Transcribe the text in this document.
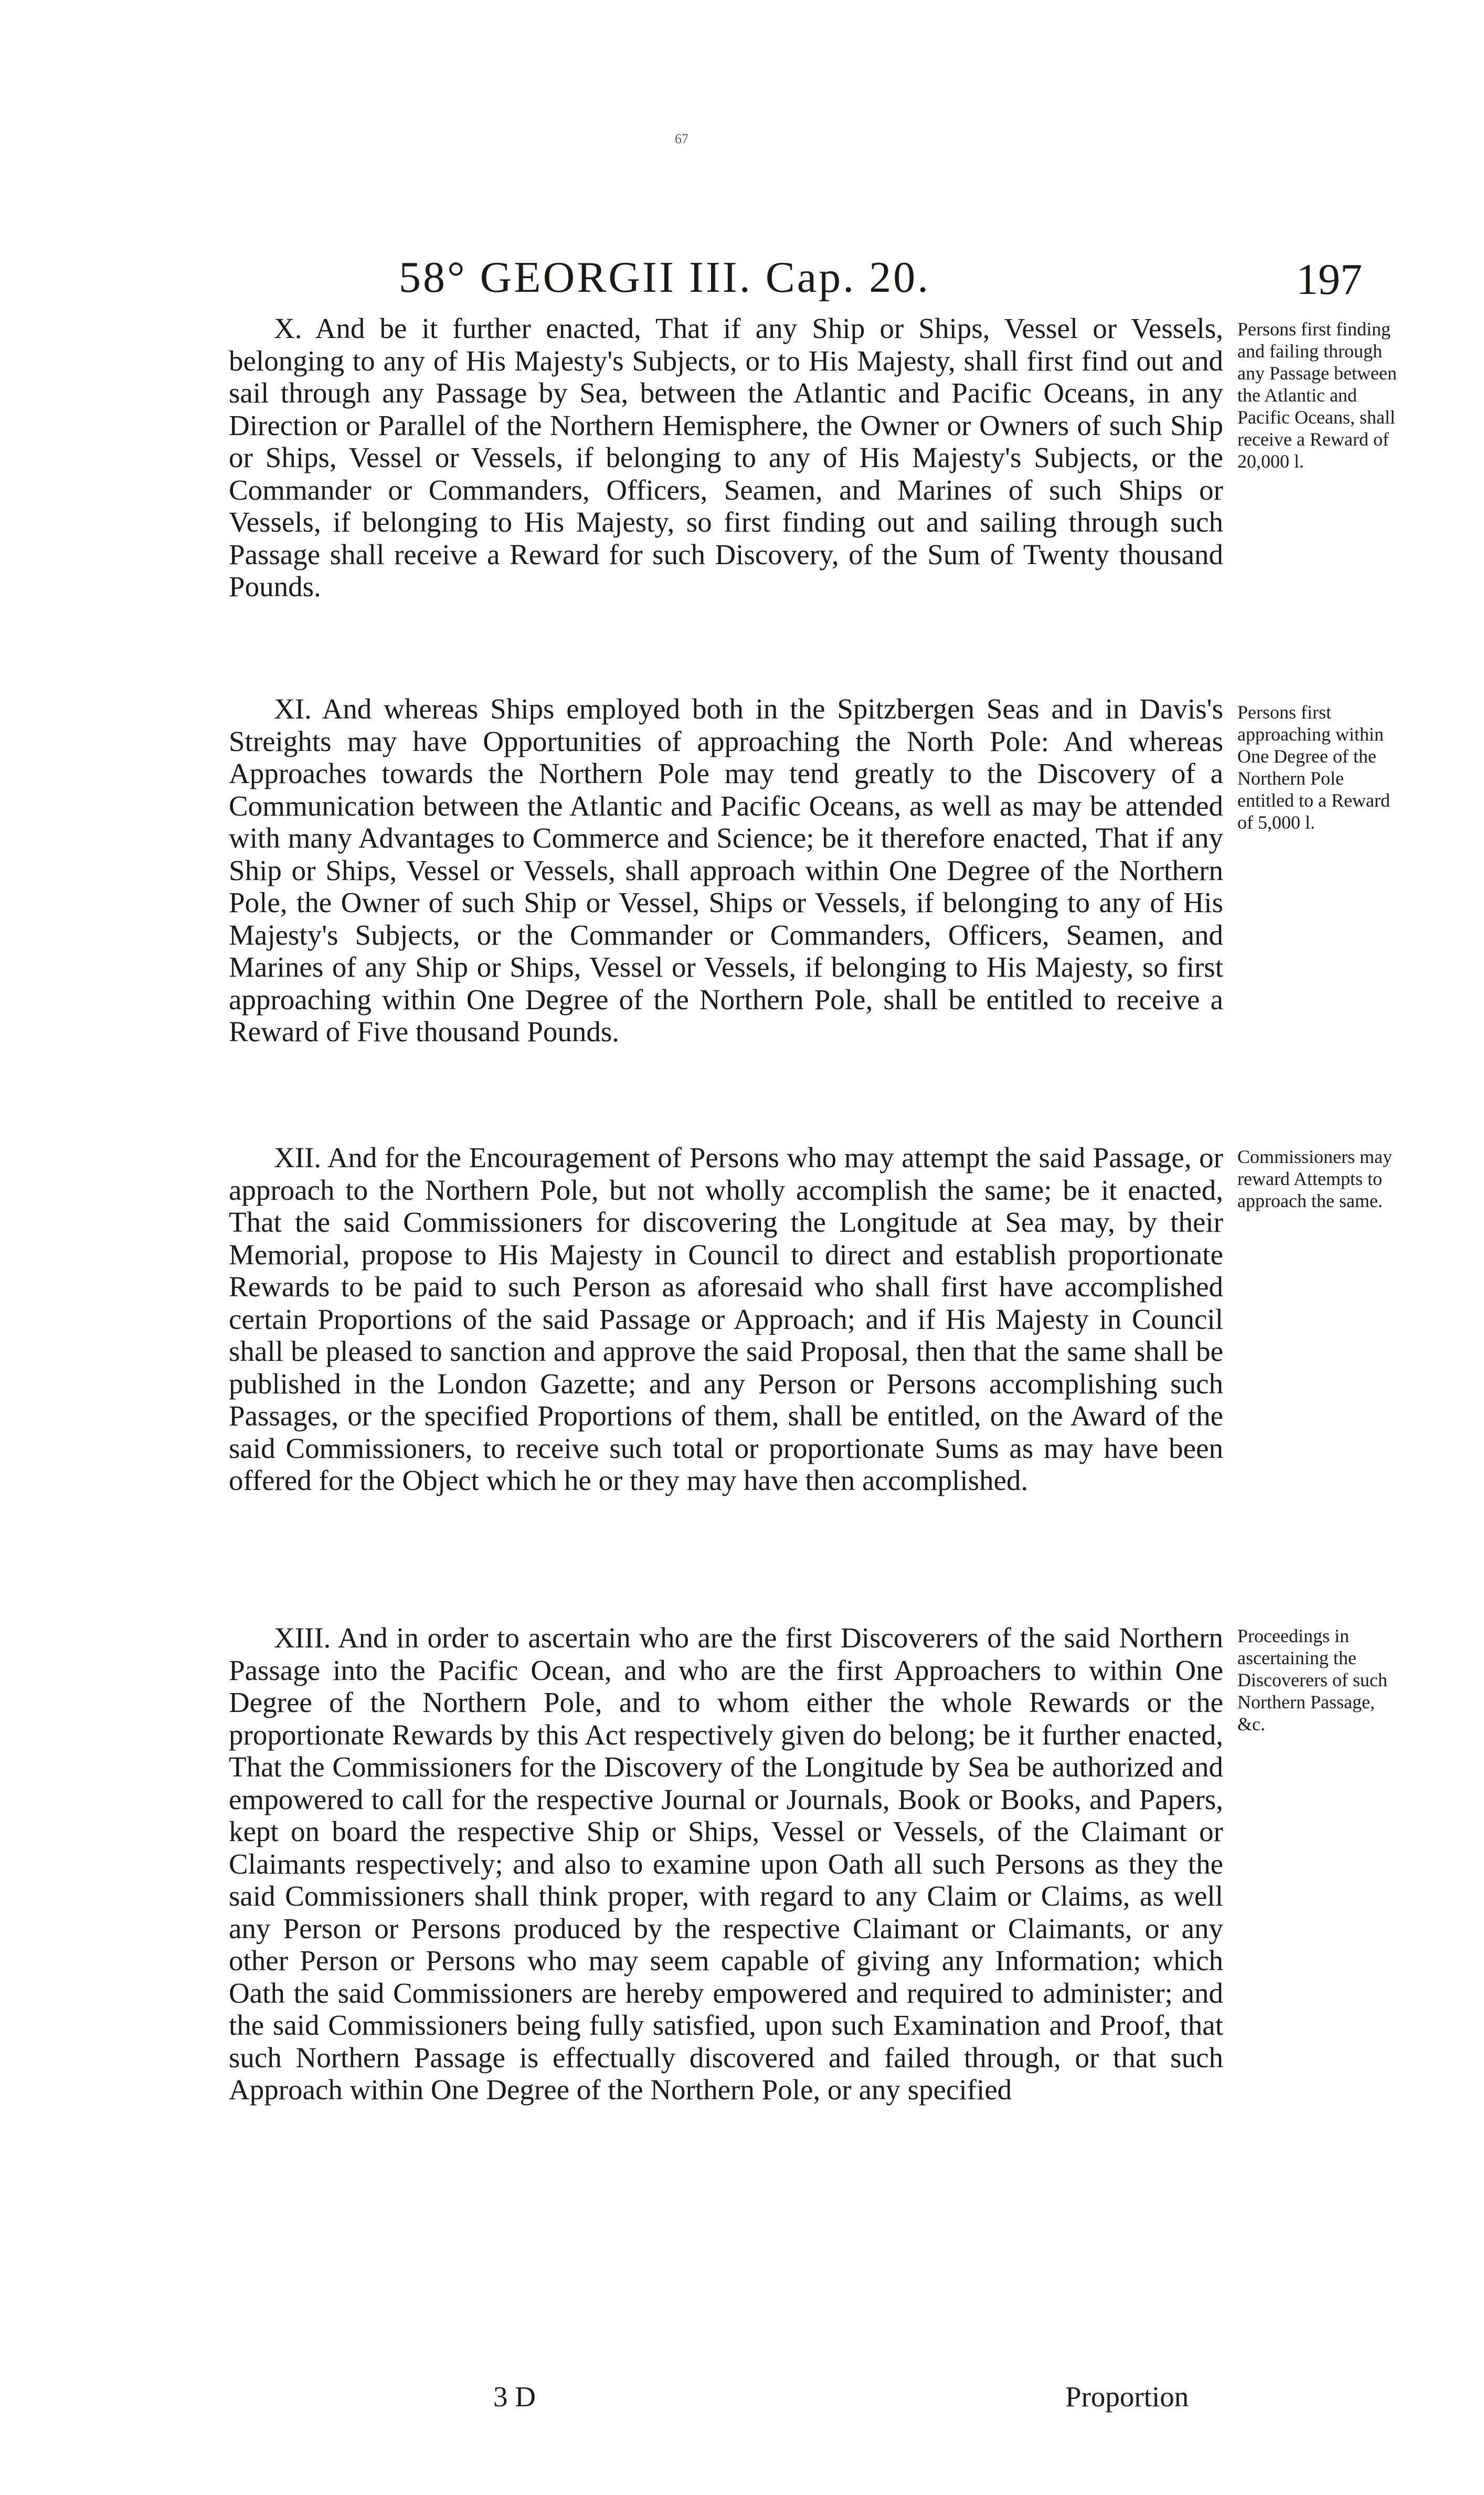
67
58° GEORGII III. Cap. 20.	197

X. And be it further enacted, That if any Ship or Ships, Vessel or Vessels, belonging to any of His Majesty's Subjects, or to His Majesty, shall first find out and sail through any Passage by Sea, between the Atlantic and Pacific Oceans, in any Direction or Parallel of the Northern Hemisphere, the Owner or Owners of such Ship or Ships, Vessel or Vessels, if belonging to any of His Majesty's Subjects, or the Commander or Commanders, Officers, Seamen, and Marines of such Ships or Vessels, if belonging to His Majesty, so first finding out and sailing through such Passage shall receive a Reward for such Discovery, of the Sum of Twenty thousand Pounds.

Persons first finding and failing through any Passage between the Atlantic and Pacific Oceans, shall receive a Reward of 20,000 l.

XI. And whereas Ships employed both in the Spitzbergen Seas and in Davis's Streights may have Opportunities of approaching the North Pole: And whereas Approaches towards the Northern Pole may tend greatly to the Discovery of a Communication between the Atlantic and Pacific Oceans, as well as may be attended with many Advantages to Commerce and Science; be it therefore enacted, That if any Ship or Ships, Vessel or Vessels, shall approach within One Degree of the Northern Pole, the Owner of such Ship or Vessel, Ships or Vessels, if belonging to any of His Majesty's Subjects, or the Commander or Commanders, Officers, Seamen, and Marines of any Ship or Ships, Vessel or Vessels, if belonging to His Majesty, so first approaching within One Degree of the Northern Pole, shall be entitled to receive a Reward of Five thousand Pounds.

Persons first approaching within One Degree of the Northern Pole entitled to a Reward of 5,000 l.

XII. And for the Encouragement of Persons who may attempt the said Passage, or approach to the Northern Pole, but not wholly accomplish the same; be it enacted, That the said Commissioners for discovering the Longitude at Sea may, by their Memorial, propose to His Majesty in Council to direct and establish proportionate Rewards to be paid to such Person as aforesaid who shall first have accomplished certain Proportions of the said Passage or Approach; and if His Majesty in Council shall be pleased to sanction and approve the said Proposal, then that the same shall be published in the London Gazette; and any Person or Persons accomplishing such Passages, or the specified Proportions of them, shall be entitled, on the Award of the said Commissioners, to receive such total or proportionate Sums as may have been offered for the Object which he or they may have then accomplished.

Commissioners may reward Attempts to approach the same.

XIII. And in order to ascertain who are the first Discoverers of the said Northern Passage into the Pacific Ocean, and who are the first Approachers to within One Degree of the Northern Pole, and to whom either the whole Rewards or the proportionate Rewards by this Act respectively given do belong; be it further enacted, That the Commissioners for the Discovery of the Longitude by Sea be authorized and empowered to call for the respective Journal or Journals, Book or Books, and Papers, kept on board the respective Ship or Ships, Vessel or Vessels, of the Claimant or Claimants respectively; and also to examine upon Oath all such Persons as they the said Commissioners shall think proper, with regard to any Claim or Claims, as well any Person or Persons produced by the respective Claimant or Claimants, or any other Person or Persons who may seem capable of giving any Information; which Oath the said Commissioners are hereby empowered and required to administer; and the said Commissioners being fully satisfied, upon such Examination and Proof, that such Northern Passage is effectually discovered and failed through, or that such Approach within One Degree of the Northern Pole, or any specified

Proceedings in ascertaining the Discoverers of such Northern Passage, &c.
3 D	Proportion
